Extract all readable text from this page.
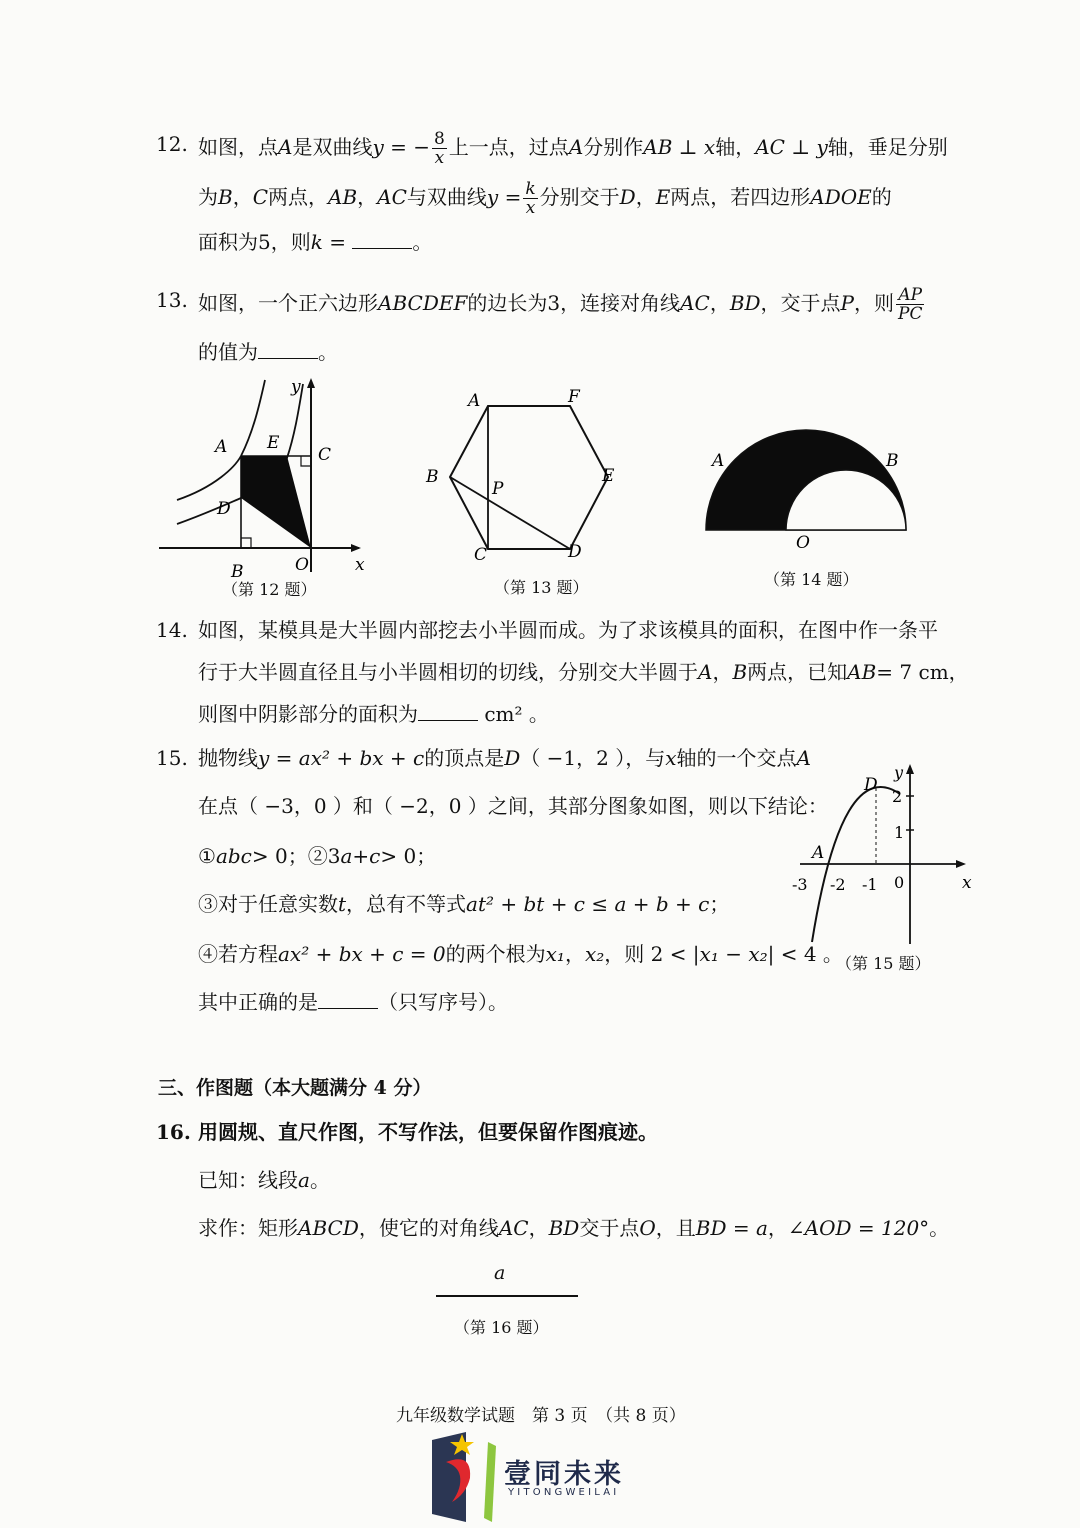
12. 如图，点A是双曲线y = − $\frac{8}{x}$ 上一点，过点A分别作AB ⊥ x轴，AC ⊥ y轴，垂足分别
为B，C两点，AB，AC与双曲线$y = \frac{k}{x}$ 分别交于D，E两点，若四边形ADOE的
面积为5，则k =	。
13. 如图，一个正六边形ABCDEF的边长为3，连接对角线AC，BD，交于点P，则 $\frac{AP}{PC}$
的值为	。
A E
C
D
B	O	x
y
（第 12 题）
A	F
E
B
P
C	D
（第 13 题）
A	B
O
（第 14 题）
14. 如图，某模具是大半圆内部挖去小半圆而成。为了求该模具的面积，在图中作一条平
行于大半圆直径且与小半圆相切的切线，分别交大半圆于A，B两点，已知AB= 7 cm，
则图中阴影部分的面积为	cm² 。
15. 抛物线y = ax² + bx + c的顶点是D（ −1，2 ），与x轴的一个交点A
在点（ −3，0 ）和（ −2，0 ）之间，其部分图象如图，则以下结论：
①abc> 0；②3a+c> 0；
③对于任意实数t，总有不等式at² + bt + c ≤ a + b + c；
④若方程ax² + bx + c = 0的两个根为x₁，x₂，则 2 < |x₁ − x₂| < 4 。
其中正确的是	（只写序号）。
D
y
2
1
A
-3 -2 -1 0	x
（第 15 题）
三、作图题（本大题满分 4 分）
16. 用圆规、直尺作图，不写作法，但要保留作图痕迹。
已知：线段a。
求作：矩形ABCD，使它的对角线AC，BD交于点O，且BD = a，∠AOD = 120°。
a
（第 16 题）
九年级数学试题　第 3 页　（共 8 页）
壹同未来
YITONGWEILAI
